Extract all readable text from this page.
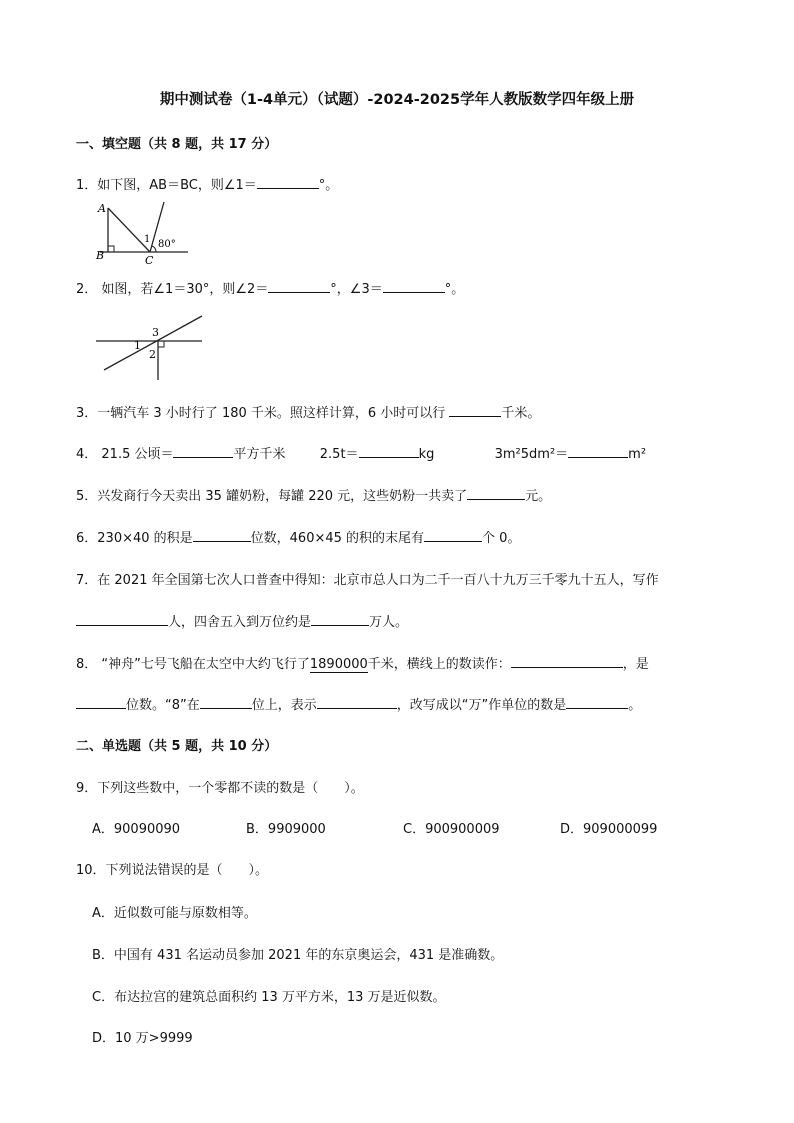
期中测试卷（1-4单元）（试题）-2024-2025学年人教版数学四年级上册
一、填空题（共 8 题，共 17 分）
1．如下图，AB＝BC，则∠1＝	°。
A
B	C
1 80°
2． 如图，若∠1＝30°，则∠2＝	°，∠3＝	°。
1
2
3
3．一辆汽车 3 小时行了 180 千米。照这样计算，6 小时可以行	千米。
4． 21.5 公顷＝	平方千米	2.5t＝	kg	3m²5dm²＝	m²
5．兴发商行今天卖出 35 罐奶粉，每罐 220 元，这些奶粉一共卖了	元。
6．230×40 的积是	位数，460×45 的积的末尾有	个 0。
7．在 2021 年全国第七次人口普查中得知：北京市总人口为二千一百八十九万三千零九十五人，写作
人，四舍五入到万位约是	万人。
8． “神舟”七号飞船在太空中大约飞行了1890000千米，横线上的数读作：	，是
位数。“8”在	位上，表示	，改写成以“万”作单位的数是	。
二、单选题（共 5 题，共 10 分）
9．下列这些数中，一个零都不读的数是（　　）。
A．90090090	B．9909000	C．900900009	D．909000099
10．下列说法错误的是（　　）。
A．近似数可能与原数相等。
B．中国有 431 名运动员参加 2021 年的东京奥运会，431 是准确数。
C．布达拉宫的建筑总面积约 13 万平方米，13 万是近似数。
D．10 万>9999
